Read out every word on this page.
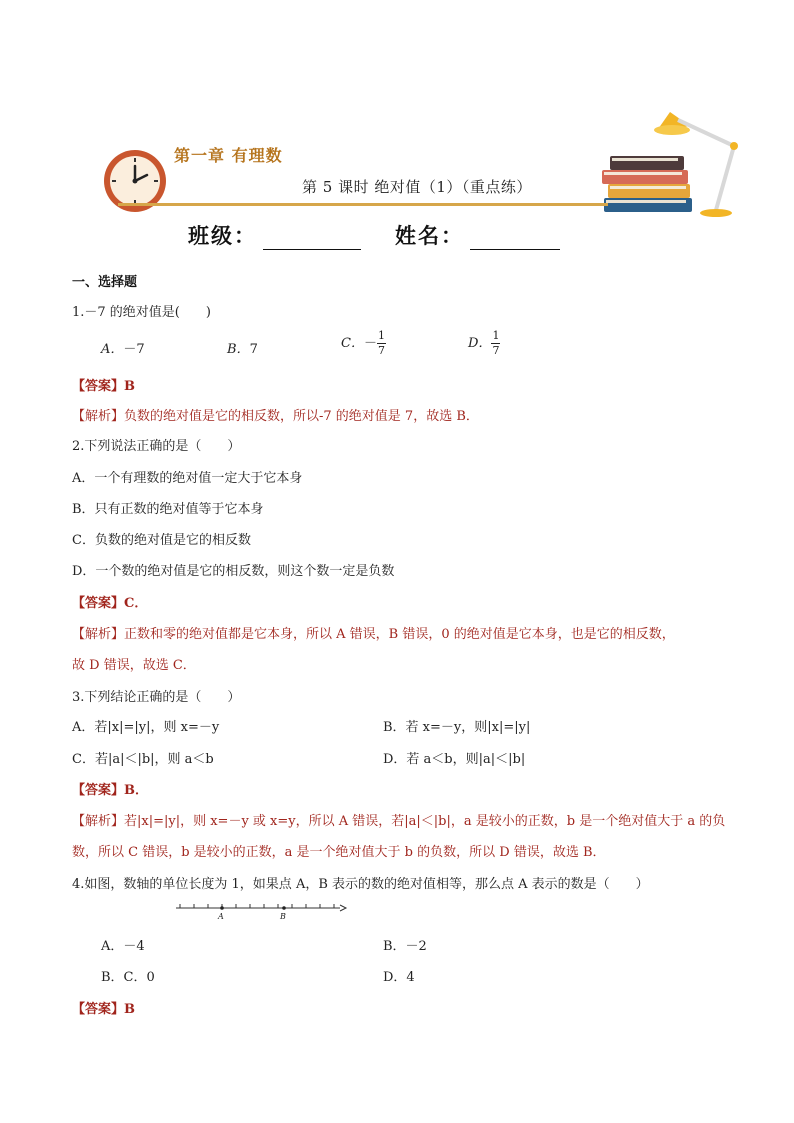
第一章 有理数
第 5 课时 绝对值（1）（重点练）
班级：	姓名：
一、选择题
1.－7 的绝对值是(　　)
A．－7	B．7	C．－ $\frac{1}{7}$	D． $\frac{1}{7}$
【答案】B
【解析】负数的绝对值是它的相反数，所以-7 的绝对值是 7，故选 B．
2.下列说法正确的是（　　）
A．一个有理数的绝对值一定大于它本身
B．只有正数的绝对值等于它本身
C．负数的绝对值是它的相反数
D．一个数的绝对值是它的相反数，则这个数一定是负数
【答案】C．
【解析】正数和零的绝对值都是它本身，所以 A 错误，B 错误，0 的绝对值是它本身，也是它的相反数，
故 D 错误，故选 C．
3.下列结论正确的是（　　）
A．若|x|=|y|，则 x=－y	B．若 x=－y，则|x|=|y|
C．若|a|＜|b|，则 a＜b	D．若 a＜b，则|a|＜|b|
【答案】B．
【解析】若|x|=|y|，则 x=－y 或 x=y，所以 A 错误，若|a|＜|b|，a 是较小的正数，b 是一个绝对值大于 a 的负
数，所以 C 错误，b 是较小的正数，a 是一个绝对值大于 b 的负数，所以 D 错误，故选 B．
4.如图，数轴的单位长度为 1，如果点 A，B 表示的数的绝对值相等，那么点 A 表示的数是（　　）
A	B
A．－4	B．－2
B．C．0	D．4
【答案】B
